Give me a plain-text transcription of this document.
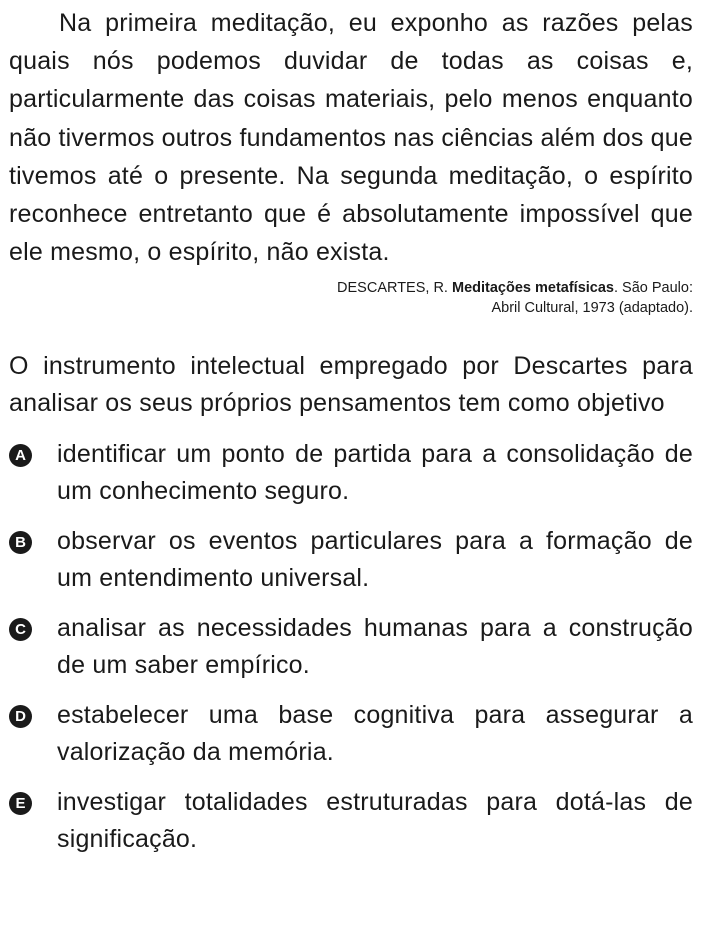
Na primeira meditação, eu exponho as razões pelas quais nós podemos duvidar de todas as coisas e, particularmente das coisas materiais, pelo menos enquanto não tivermos outros fundamentos nas ciências além dos que tivemos até o presente. Na segunda meditação, o espírito reconhece entretanto que é absolutamente impossível que ele mesmo, o espírito, não exista.

DESCARTES, R. Meditações metafísicas. São Paulo:
Abril Cultural, 1973 (adaptado).

O instrumento intelectual empregado por Descartes para analisar os seus próprios pensamentos tem como objetivo

A identificar um ponto de partida para a consolidação de um conhecimento seguro.
B observar os eventos particulares para a formação de um entendimento universal.
C analisar as necessidades humanas para a construção de um saber empírico.
D estabelecer uma base cognitiva para assegurar a valorização da memória.
E investigar totalidades estruturadas para dotá-las de significação.
